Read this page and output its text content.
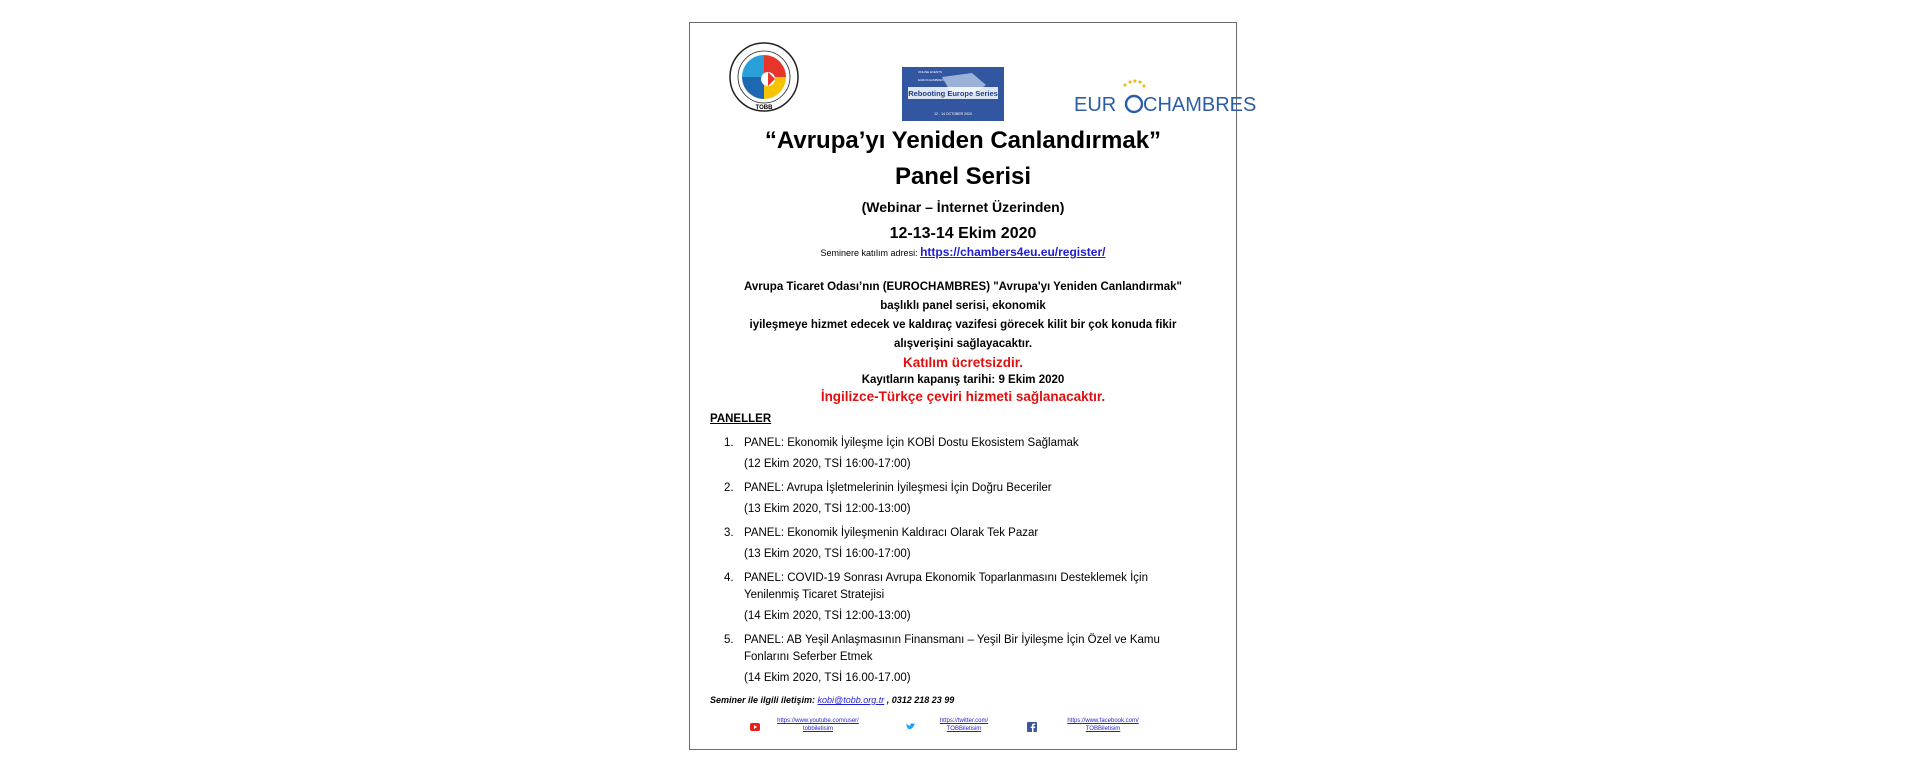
TOBB
Rebooting Europe Series
12 - 14 OCTOBER 2020
ONLINE EVENTS
EUROCHAMBRES
EUR CHAMBRES
“Avrupa’yı Yeniden Canlandırmak”
Panel Serisi
(Webinar – İnternet Üzerinden)
12-13-14 Ekim 2020
Seminere katılım adresi: https://chambers4eu.eu/register/
Avrupa Ticaret Odası’nın (EUROCHAMBRES) "Avrupa'yı Yeniden Canlandırmak"
başlıklı panel serisi, ekonomik
iyileşmeye hizmet edecek ve kaldıraç vazifesi görecek kilit bir çok konuda fikir
alışverişini sağlayacaktır.
Katılım ücretsizdir.
Kayıtların kapanış tarihi: 9 Ekim 2020
İngilizce-Türkçe çeviri hizmeti sağlanacaktır.
PANELLER
1. PANEL: Ekonomik İyileşme İçin KOBİ Dostu Ekosistem Sağlamak
(12 Ekim 2020, TSİ 16:00-17:00)
2. PANEL: Avrupa İşletmelerinin İyileşmesi İçin Doğru Beceriler
(13 Ekim 2020, TSİ 12:00-13:00)
3. PANEL: Ekonomik İyileşmenin Kaldıracı Olarak Tek Pazar
(13 Ekim 2020, TSİ 16:00-17:00)
4. PANEL: COVID-19 Sonrası Avrupa Ekonomik Toparlanmasını Desteklemek İçin
Yenilenmiş Ticaret Stratejisi
(14 Ekim 2020, TSİ 12:00-13:00)
5. PANEL: AB Yeşil Anlaşmasının Finansmanı – Yeşil Bir İyileşme İçin Özel ve Kamu
Fonlarını Seferber Etmek
(14 Ekim 2020, TSİ 16.00-17.00)
Seminer ile ilgili iletişim: kobi@tobb.org.tr , 0312 218 23 99
https://www.youtube.com/user/
tobbiletisim
https://twitter.com/
TOBBiletisim
https://www.facebook.com/
TOBBiletisim
